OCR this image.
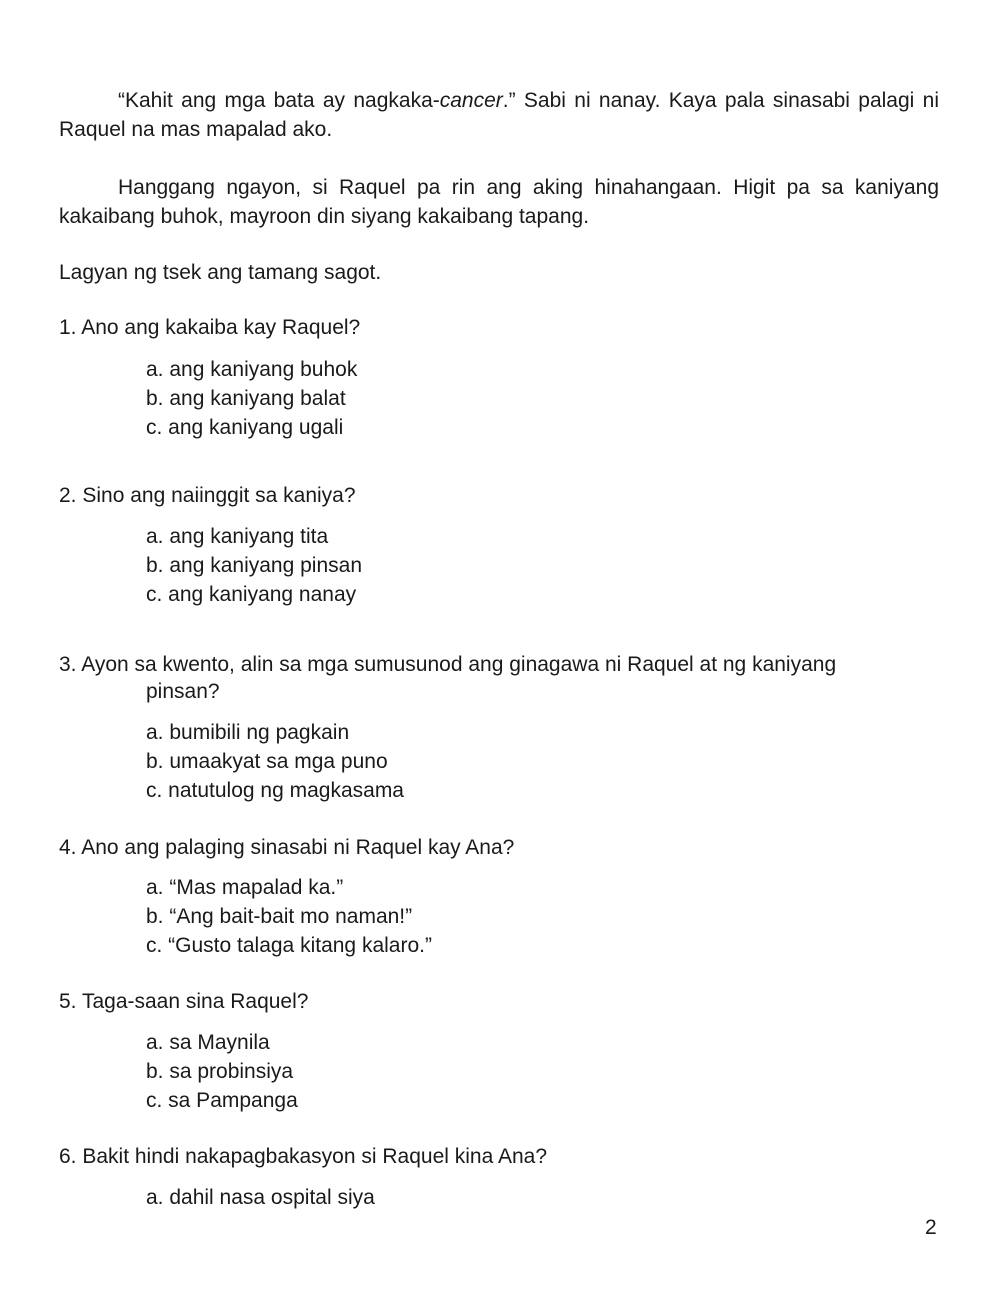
“Kahit ang mga bata ay nagkaka-cancer.” Sabi ni nanay. Kaya pala sinasabi palagi ni Raquel na mas mapalad ako.

Hanggang ngayon, si Raquel pa rin ang aking hinahangaan. Higit pa sa kaniyang kakaibang buhok, mayroon din siyang kakaibang tapang.

Lagyan ng tsek ang tamang sagot.

1. Ano ang kakaiba kay Raquel?

a. ang kaniyang buhok
b. ang kaniyang balat
c. ang kaniyang ugali

2. Sino ang naiinggit sa kaniya?

a. ang kaniyang tita
b. ang kaniyang pinsan
c. ang kaniyang nanay

3. Ayon sa kwento, alin sa mga sumusunod ang ginagawa ni Raquel at ng kaniyang

pinsan?

a. bumibili ng pagkain
b. umaakyat sa mga puno
c. natutulog ng magkasama

4. Ano ang palaging sinasabi ni Raquel kay Ana?

a. “Mas mapalad ka.”
b. “Ang bait-bait mo naman!”
c. “Gusto talaga kitang kalaro.”

5. Taga-saan sina Raquel?

a. sa Maynila
b. sa probinsiya
c. sa Pampanga

6. Bakit hindi nakapagbakasyon si Raquel kina Ana?

a. dahil nasa ospital siya
2
